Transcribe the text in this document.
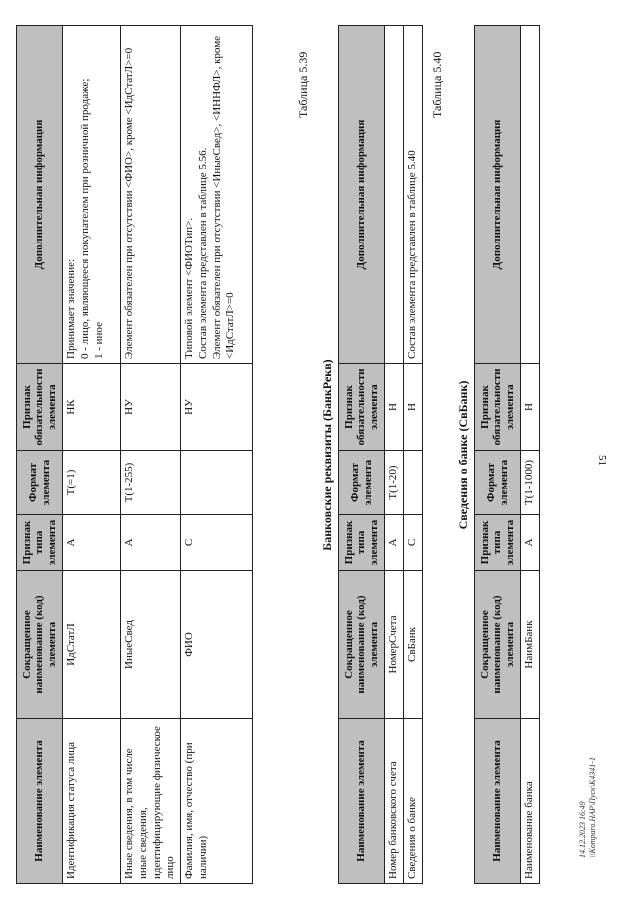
51
Наименование элемента	Сокращенное наименование (код) элемента	Признак типа элемента	Формат элемента	Признак обязательности элемента	Дополнительная информация
Идентификация статуса лица	ИдСтатЛ	А	Т(=1)	НК	Принимает значение:
0 - лицо, являющееся покупателем при розничной продаже;
1 - иное
Иные сведения, в том числе иные сведения, идентифицирующие физическое лицо	ИныеСвед	А	Т(1-255)	НУ	Элемент обязателен при отсутствии <ФИО>, кроме <ИдСтатЛ>=0
Фамилия, имя, отчество (при наличии)	ФИО	С		НУ	Типовой элемент <ФИОТип>.
Состав элемента представлен в таблице 5.56.
Элемент обязателен при отсутствии <ИныеСвед>, <ИННФЛ>, кроме <ИдСтатЛ>=0
Таблица 5.39
Банковские реквизиты (БанкРекв)
Наименование элемента	Сокращенное наименование (код) элемента	Признак типа элемента	Формат элемента	Признак обязательности элемента	Дополнительная информация
Номер банковского счета	НомерСчета	А	Т(1-20)	Н	
Сведения о банке	СвБанк	С		Н	Состав элемента представлен в таблице 5.40
Таблица 5.40
Сведения о банке (СвБанк)
Наименование элемента	Сокращенное наименование (код) элемента	Признак типа элемента	Формат элемента	Признак обязательности элемента	Дополнительная информация
Наименование банка	НаимБанк	А	Т(1-1000)	Н	
14.12.2023 16:49 \\Komparo.HAP\Пуск\К4341-1
